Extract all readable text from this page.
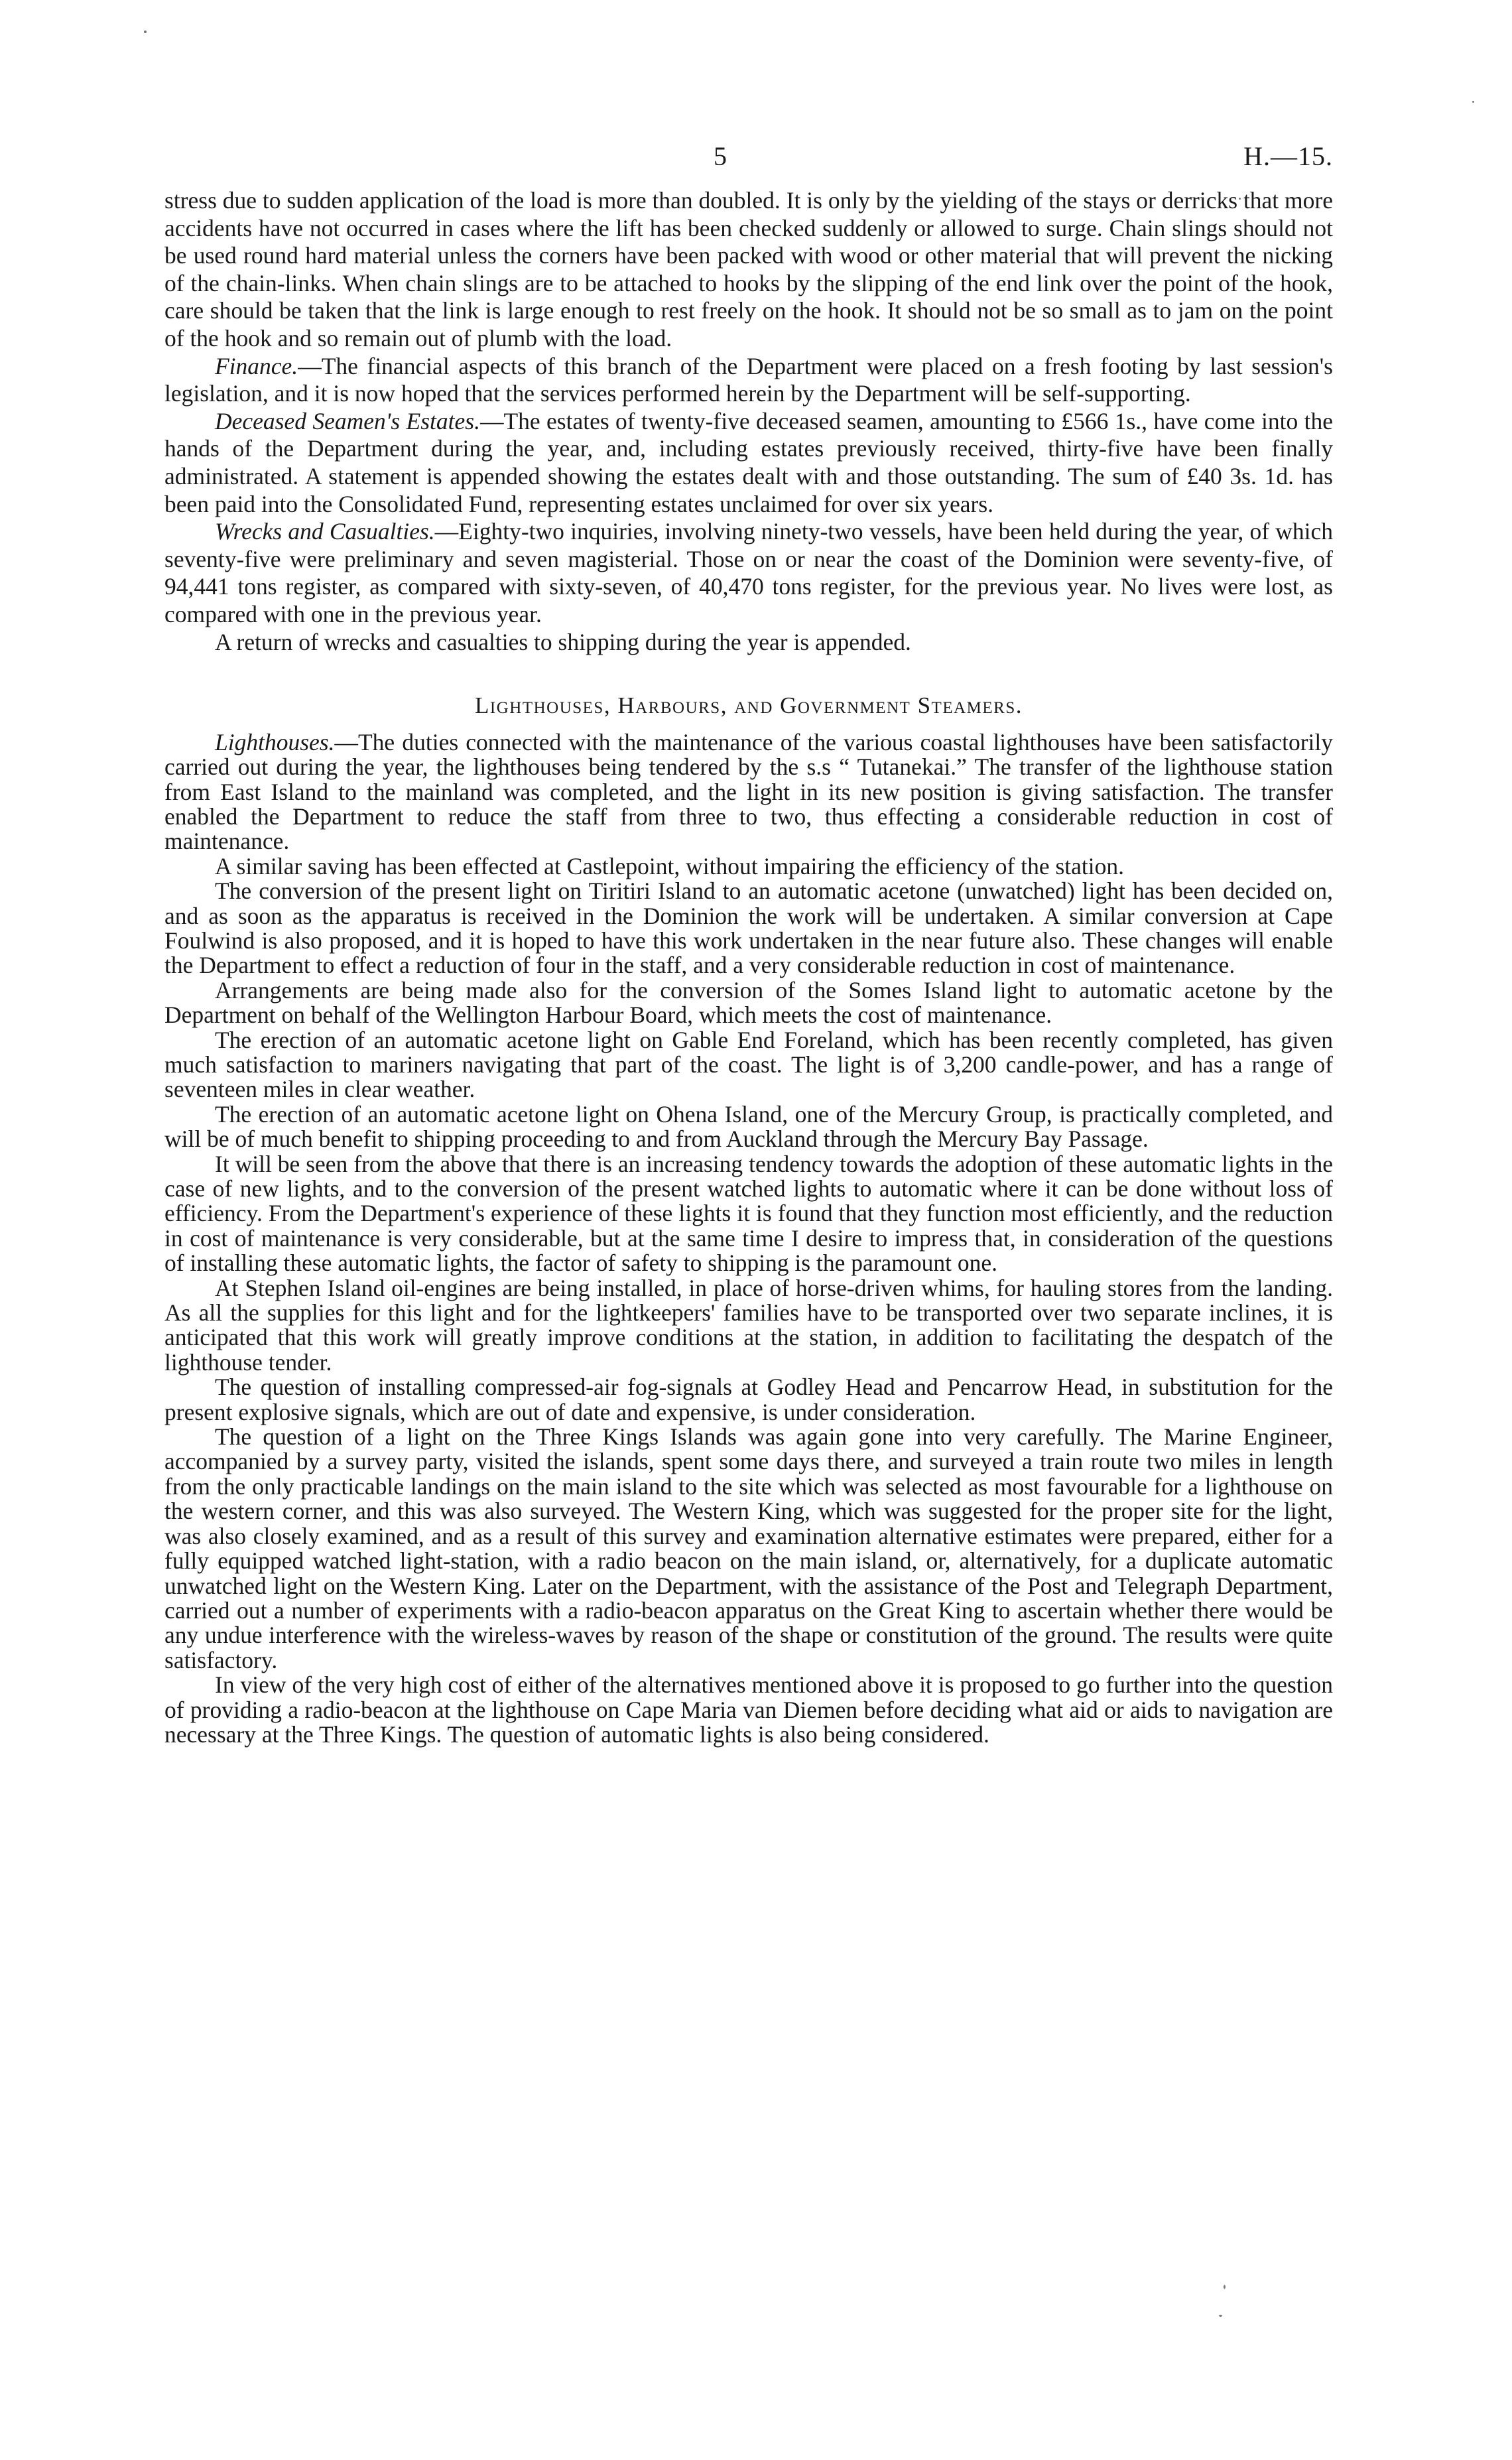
5	H.—15.

stress due to sudden application of the load is more than doubled. It is only by the yielding of the stays or derricks that more accidents have not occurred in cases where the lift has been checked suddenly or allowed to surge. Chain slings should not be used round hard material unless the corners have been packed with wood or other material that will prevent the nicking of the chain-links. When chain slings are to be attached to hooks by the slipping of the end link over the point of the hook, care should be taken that the link is large enough to rest freely on the hook. It should not be so small as to jam on the point of the hook and so remain out of plumb with the load.

Finance.—The financial aspects of this branch of the Department were placed on a fresh footing by last session's legislation, and it is now hoped that the services performed herein by the Department will be self-supporting.

Deceased Seamen's Estates.—The estates of twenty-five deceased seamen, amounting to £566 1s., have come into the hands of the Department during the year, and, including estates previously received, thirty-five have been finally administrated. A statement is appended showing the estates dealt with and those outstanding. The sum of £40 3s. 1d. has been paid into the Consolidated Fund, representing estates unclaimed for over six years.

Wrecks and Casualties.—Eighty-two inquiries, involving ninety-two vessels, have been held during the year, of which seventy-five were preliminary and seven magisterial. Those on or near the coast of the Dominion were seventy-five, of 94,441 tons register, as compared with sixty-seven, of 40,470 tons register, for the previous year. No lives were lost, as compared with one in the previous year.

A return of wrecks and casualties to shipping during the year is appended.

Lighthouses, Harbours, and Government Steamers.

Lighthouses.—The duties connected with the maintenance of the various coastal lighthouses have been satisfactorily carried out during the year, the lighthouses being tendered by the s.s “ Tutanekai.” The transfer of the lighthouse station from East Island to the mainland was completed, and the light in its new position is giving satisfaction. The transfer enabled the Department to reduce the staff from three to two, thus effecting a considerable reduction in cost of maintenance.

A similar saving has been effected at Castlepoint, without impairing the efficiency of the station.

The conversion of the present light on Tiritiri Island to an automatic acetone (unwatched) light has been decided on, and as soon as the apparatus is received in the Dominion the work will be undertaken. A similar conversion at Cape Foulwind is also proposed, and it is hoped to have this work undertaken in the near future also. These changes will enable the Department to effect a reduction of four in the staff, and a very considerable reduction in cost of maintenance.

Arrangements are being made also for the conversion of the Somes Island light to automatic acetone by the Department on behalf of the Wellington Harbour Board, which meets the cost of maintenance.

The erection of an automatic acetone light on Gable End Foreland, which has been recently completed, has given much satisfaction to mariners navigating that part of the coast. The light is of 3,200 candle-power, and has a range of seventeen miles in clear weather.

The erection of an automatic acetone light on Ohena Island, one of the Mercury Group, is practically completed, and will be of much benefit to shipping proceeding to and from Auckland through the Mercury Bay Passage.

It will be seen from the above that there is an increasing tendency towards the adoption of these automatic lights in the case of new lights, and to the conversion of the present watched lights to automatic where it can be done without loss of efficiency. From the Department's experience of these lights it is found that they function most efficiently, and the reduction in cost of maintenance is very considerable, but at the same time I desire to impress that, in consideration of the questions of installing these automatic lights, the factor of safety to shipping is the paramount one.

At Stephen Island oil-engines are being installed, in place of horse-driven whims, for hauling stores from the landing. As all the supplies for this light and for the lightkeepers' families have to be transported over two separate inclines, it is anticipated that this work will greatly improve conditions at the station, in addition to facilitating the despatch of the lighthouse tender.

The question of installing compressed-air fog-signals at Godley Head and Pencarrow Head, in substitution for the present explosive signals, which are out of date and expensive, is under consideration.

The question of a light on the Three Kings Islands was again gone into very carefully. The Marine Engineer, accompanied by a survey party, visited the islands, spent some days there, and surveyed a train route two miles in length from the only practicable landings on the main island to the site which was selected as most favourable for a lighthouse on the western corner, and this was also surveyed. The Western King, which was suggested for the proper site for the light, was also closely examined, and as a result of this survey and examination alternative estimates were prepared, either for a fully equipped watched light-station, with a radio beacon on the main island, or, alternatively, for a duplicate automatic unwatched light on the Western King. Later on the Department, with the assistance of the Post and Telegraph Department, carried out a number of experiments with a radio-beacon apparatus on the Great King to ascertain whether there would be any undue interference with the wireless-waves by reason of the shape or constitution of the ground. The results were quite satisfactory.

In view of the very high cost of either of the alternatives mentioned above it is proposed to go further into the question of providing a radio-beacon at the lighthouse on Cape Maria van Diemen before deciding what aid or aids to navigation are necessary at the Three Kings. The question of automatic lights is also being considered.
